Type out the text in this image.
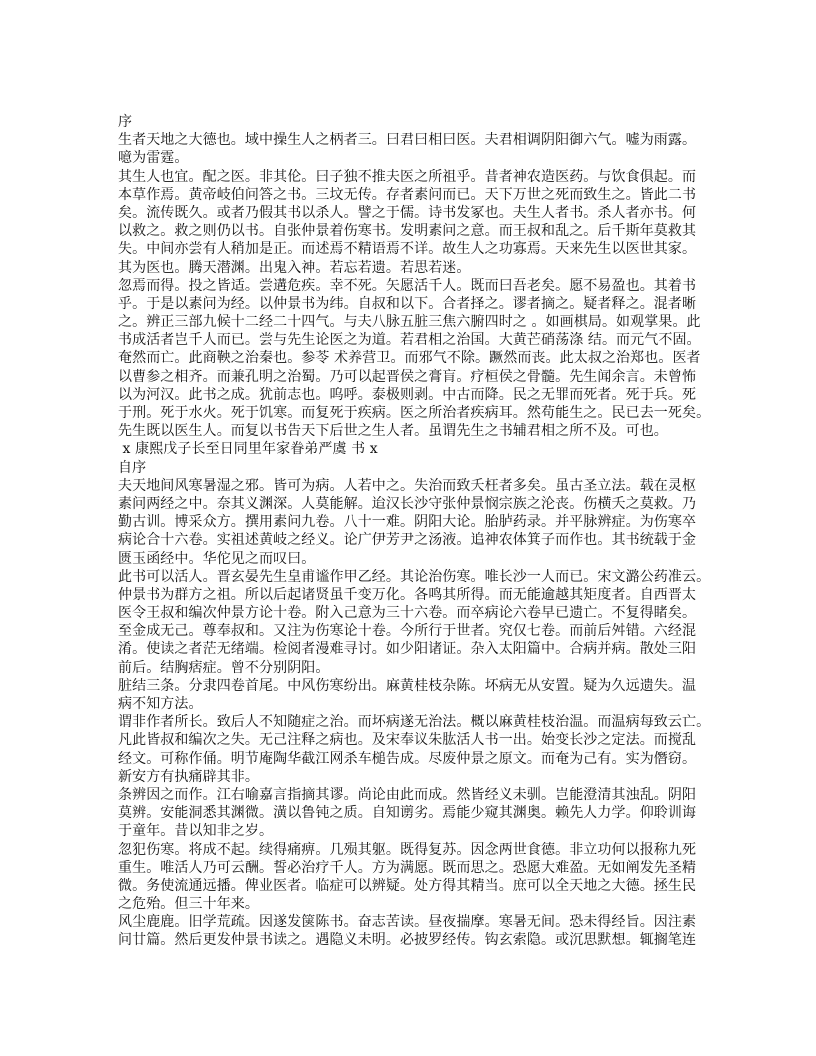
序
生者天地之大德也。域中操生人之柄者三。曰君曰相曰医。夫君相调阴阳御六气。嘘为雨露。
噫为雷霆。
其生人也宜。配之医。非其伦。曰子独不推夫医之所祖乎。昔者神农造医药。与饮食俱起。而
本草作焉。黄帝岐伯问答之书。三坟无传。存者素问而已。天下万世之死而致生之。皆此二书
矣。流传既久。或者乃假其书以杀人。譬之于儒。诗书发冢也。夫生人者书。杀人者亦书。何
以救之。救之则仍以书。自张仲景着伤寒书。发明素问之意。而王叔和乱之。后千斯年莫救其
失。中间亦尝有人稍加是正。而述焉不精语焉不详。故生人之功寡焉。天来先生以医世其家。
其为医也。腾天潜渊。出鬼入神。若忘若遗。若思若迷。
忽焉而得。投之皆适。尝遘危疾。幸不死。矢愿活千人。既而曰吾老矣。愿不易盈也。其着书
乎。于是以素问为经。以仲景书为纬。自叔和以下。合者择之。谬者摘之。疑者释之。混者晰
之。辨正三部九候十二经二十四气。与夫八脉五脏三焦六腑四时之 。如画棋局。如观掌果。此
书成活者岂千人而已。尝与先生论医之为道。若君相之治国。大黄芒硝荡涤 结。而元气不固。
奄然而亡。此商鞅之治秦也。参苓 术养营卫。而邪气不除。蹶然而丧。此太叔之治郑也。医者
以曹参之相齐。而兼孔明之治蜀。乃可以起晋侯之膏肓。疗桓侯之骨髓。先生闻余言。未曾怖
以为河汉。此书之成。犹前志也。呜呼。泰极则剥。中古而降。民之无罪而死者。死于兵。死
于刑。死于水火。死于饥寒。而复死于疾病。医之所治者疾病耳。然苟能生之。民已去一死矣。
先生既以医生人。而复以书告天下后世之生人者。虽谓先生之书辅君相之所不及。可也。
x 康熙戊子长至日同里年家眷弟严虞 书 x
自序
夫天地间风寒暑湿之邪。皆可为病。人若中之。失治而致夭枉者多矣。虽古圣立法。载在灵枢
素问两经之中。奈其义渊深。人莫能解。迨汉长沙守张仲景悯宗族之沦丧。伤横夭之莫救。乃
勤古训。博采众方。撰用素问九卷。八十一难。阴阳大论。胎胪药录。并平脉辨症。为伤寒卒
病论合十六卷。实祖述黄岐之经义。论广伊芳尹之汤液。追神农体箕子而作也。其书统载于金
匮玉函经中。华佗见之而叹曰。
此书可以活人。晋玄晏先生皇甫谧作甲乙经。其论治伤寒。唯长沙一人而已。宋文潞公药准云。
仲景书为群方之祖。所以后起诸贤虽千变万化。各鸣其所得。而无能逾越其矩度者。自西晋太
医令王叔和编次仲景方论十卷。附入己意为三十六卷。而卒病论六卷早已遗亡。不复得睹矣。
至金成无己。尊奉叔和。又注为伤寒论十卷。今所行于世者。究仅七卷。而前后舛错。六经混
淆。使读之者茫无绪端。检阅者漫难寻讨。如少阳诸证。杂入太阳篇中。合病并病。散处三阳
前后。结胸痞症。曾不分别阴阳。
脏结三条。分隶四卷首尾。中风伤寒纷出。麻黄桂枝杂陈。坏病无从安置。疑为久远遗失。温
病不知方法。
谓非作者所长。致后人不知随症之治。而坏病遂无治法。概以麻黄桂枝治温。而温病每致云亡。
凡此皆叔和编次之失。无己注释之病也。及宋奉议朱肱活人书一出。始变长沙之定法。而搅乱
经文。可称作俑。明节庵陶华截江网杀车槌告成。尽废仲景之原文。而奄为己有。实为僭窃。
新安方有执痛辟其非。
条辨因之而作。江右喻嘉言指摘其谬。尚论由此而成。然皆经义未驯。岂能澄清其浊乱。阴阳
莫辨。安能洞悉其渊微。潢以鲁钝之质。自知谫劣。焉能少窥其渊奥。赖先人力学。仰聆训诲
于童年。昔以知非之岁。
忽犯伤寒。将成不起。续得痛痹。几殒其躯。既得复苏。因念两世食德。非立功何以报称九死
重生。唯活人乃可云酬。誓必治疗千人。方为满愿。既而思之。恐愿大难盈。无如阐发先圣精
微。务使流通远播。俾业医者。临症可以辨疑。处方得其精当。庶可以全天地之大德。拯生民
之危殆。但三十年来。
风尘鹿鹿。旧学荒疏。因遂发箧陈书。奋志苦读。昼夜揣摩。寒暑无间。恐未得经旨。因注素
问廿篇。然后更发仲景书读之。遇隐义未明。必披罗经传。钩玄索隐。或沉思默想。辄搁笔连
